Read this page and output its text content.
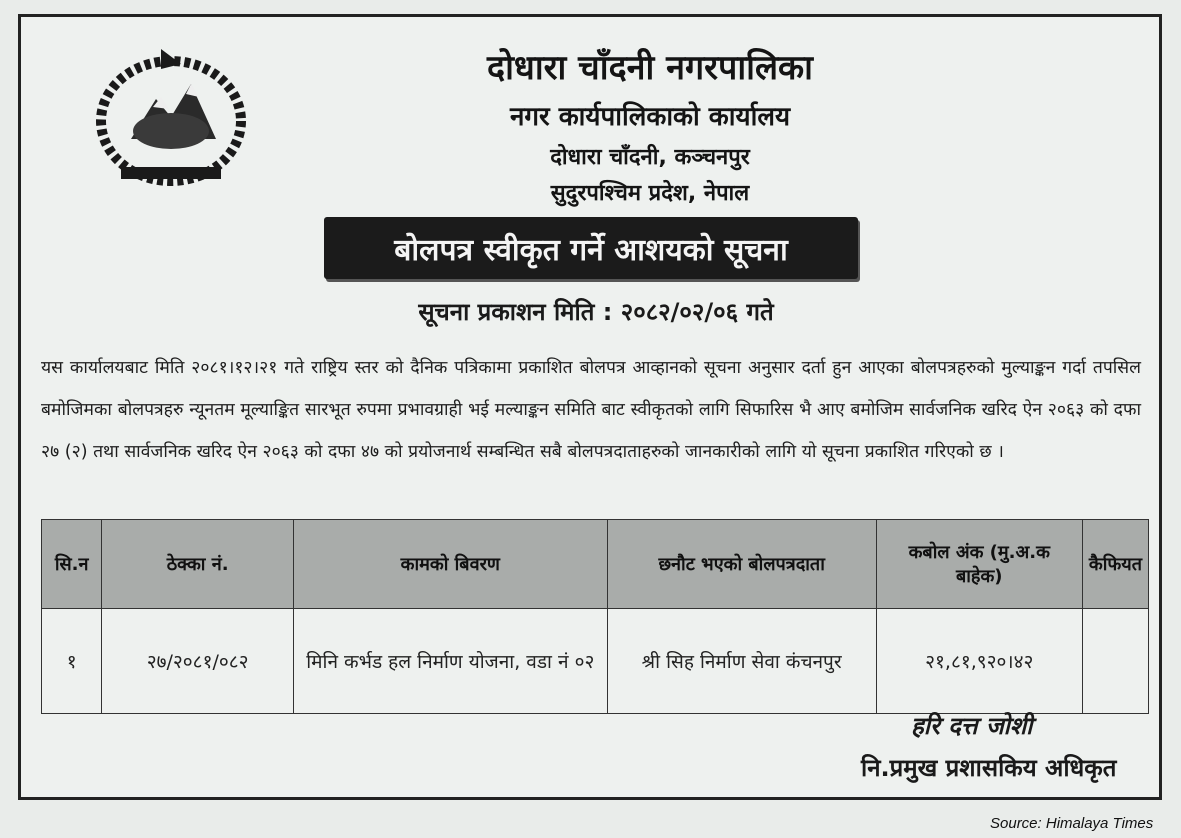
दोधारा चाँदनी नगरपालिका
नगर कार्यपालिकाको कार्यालय
दोधारा चाँदनी, कञ्चनपुर
सुदुरपश्चिम प्रदेश, नेपाल
बोलपत्र स्वीकृत गर्ने आशयको सूचना
सूचना प्रकाशन मिति : २०८२/०२/०६ गते
यस कार्यालयबाट मिति २०८१।१२।२१ गते राष्ट्रिय स्तर को दैनिक पत्रिकामा प्रकाशित बोलपत्र आव्हानको सूचना अनुसार दर्ता हुन आएका बोलपत्रहरुको मुल्याङ्कन गर्दा तपसिल बमोजिमका बोलपत्रहरु न्यूनतम मूल्याङ्कित सारभूत रुपमा प्रभावग्राही भई मल्याङ्कन समिति बाट स्वीकृतको लागि सिफारिस भै आए बमोजिम सार्वजनिक खरिद ऐन २०६३ को दफा २७ (२) तथा सार्वजनिक खरिद ऐन २०६३ को दफा ४७ को प्रयोजनार्थ सम्बन्धित सबै बोलपत्रदाताहरुको जानकारीको लागि यो सूचना प्रकाशित गरिएको छ ।
सि.न	ठेक्का नं.	कामको बिवरण	छनौट भएको बोलपत्रदाता	कबोल अंक (मु.अ.क बाहेक)	कैफियत
१	२७/२०८१/०८२	मिनि कर्भड हल निर्माण योजना, वडा नं ०२	श्री सिह निर्माण सेवा कंचनपुर	२१,८१,९२०।४२	
हरि दत्त जोशी
नि.प्रमुख प्रशासकिय अधिकृत
Source: Himalaya Times
